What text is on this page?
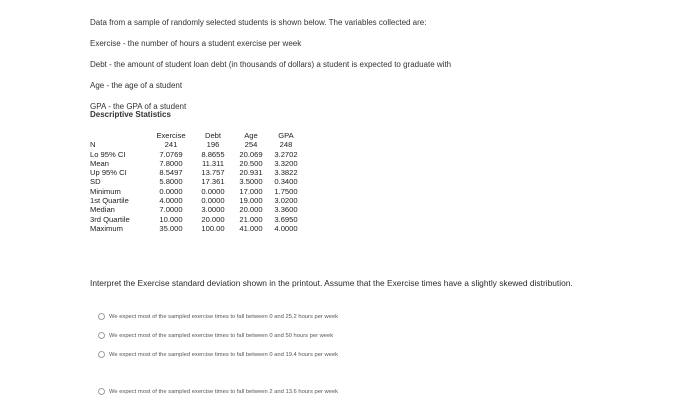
Data from a sample of randomly selected students is shown below. The variables collected are:
Exercise - the number of hours a student exercise per week
Debt - the amount of student loan debt (in thousands of dollars) a student is expected to graduate with
Age - the age of a student
GPA - the GPA of a student
Descriptive Statistics
	Exercise	Debt	Age	GPA
N	241	196	254	248
Lo 95% CI	7.0769	8.8655	20.069	3.2702
Mean	7.8000	11.311	20.500	3.3200
Up 95% CI	8.5497	13.757	20.931	3.3822
SD	5.8000	17.361	3.5000	0.3400
Minimum	0.0000	0.0000	17.000	1.7500
1st Quartile	4.0000	0.0000	19.000	3.0200
Median	7.0000	3.0000	20.000	3.3600
3rd Quartile	10.000	20.000	21.000	3.6950
Maximum	35.000	100.00	41.000	4.0000
Interpret the Exercise standard deviation shown in the printout. Assume that the Exercise times have a slightly skewed distribution.
We expect most of the sampled exercise times to fall between 0 and 25.2 hours per week
We expect most of the sampled exercise times to fall between 0 and 50 hours per week
We expect most of the sampled exercise times to fall between 0 and 19.4 hours per week
We expect most of the sampled exercise times to fall between 2 and 13.6 hours per week
